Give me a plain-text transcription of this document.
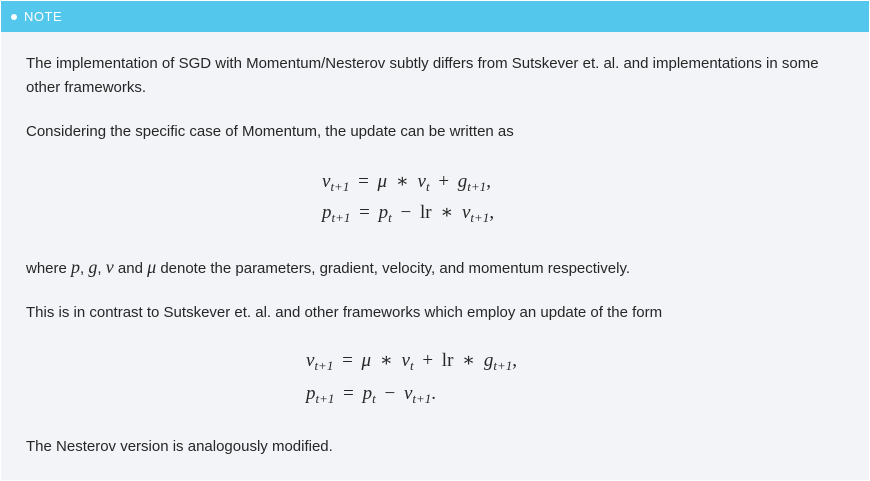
NOTE

The implementation of SGD with Momentum/Nesterov subtly differs from Sutskever et. al. and implementations in some other frameworks.

Considering the specific case of Momentum, the update can be written as

$v_{t+1} = \mu$ ∗ $v_t + g_{t+1}$,
$p_{t+1} = p_t$ − lr ∗ $v_{t+1}$,

where p, g, v and μ denote the parameters, gradient, velocity, and momentum respectively.

This is in contrast to Sutskever et. al. and other frameworks which employ an update of the form

$v_{t+1} = \mu$ ∗ $v_t$ + lr ∗ $g_{t+1}$,
$p_{t+1} = p_t - v_{t+1}$.

The Nesterov version is analogously modified.
